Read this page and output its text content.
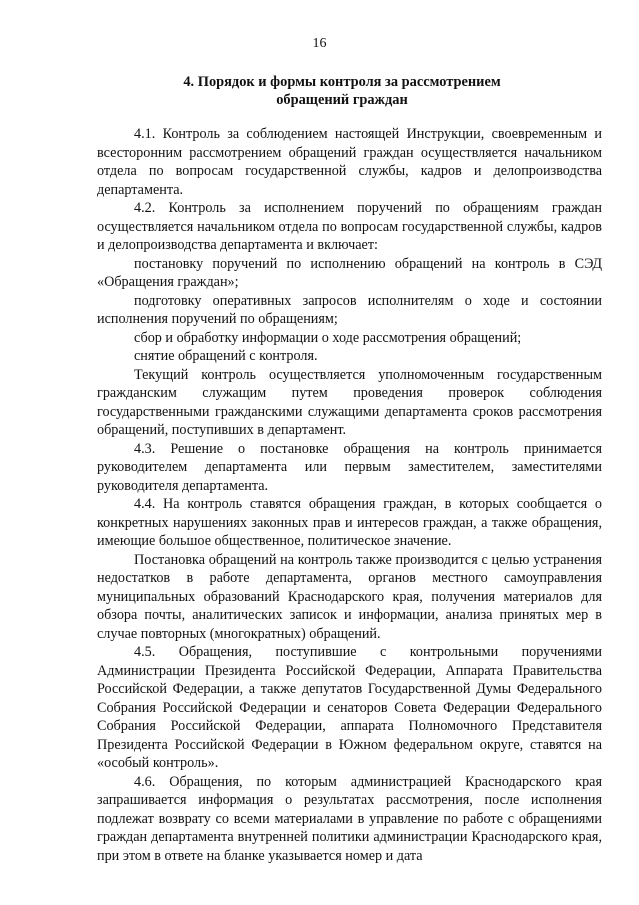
16
4. Порядок и формы контроля за рассмотрением
обращений граждан

4.1. Контроль за соблюдением настоящей Инструкции, своевременным и всесторонним рассмотрением обращений граждан осуществляется начальником отдела по вопросам государственной службы, кадров и делопроизводства департамента.

4.2. Контроль за исполнением поручений по обращениям граждан осуществляется начальником отдела по вопросам государственной службы, кадров и делопроизводства департамента и включает:

постановку поручений по исполнению обращений на контроль в СЭД «Обращения граждан»;

подготовку оперативных запросов исполнителям о ходе и состоянии исполнения поручений по обращениям;

сбор и обработку информации о ходе рассмотрения обращений;

снятие обращений с контроля.

Текущий контроль осуществляется уполномоченным государственным гражданским служащим путем проведения проверок соблюдения государственными гражданскими служащими департамента сроков рассмотрения обращений, поступивших в департамент.

4.3. Решение о постановке обращения на контроль принимается руководителем департамента или первым заместителем, заместителями руководителя департамента.

4.4. На контроль ставятся обращения граждан, в которых сообщается о конкретных нарушениях законных прав и интересов граждан, а также обращения, имеющие большое общественное, политическое значение.

Постановка обращений на контроль также производится с целью устранения недостатков в работе департамента, органов местного самоуправления муниципальных образований Краснодарского края, получения материалов для обзора почты, аналитических записок и информации, анализа принятых мер в случае повторных (многократных) обращений.

4.5. Обращения, поступившие с контрольными поручениями Администрации Президента Российской Федерации, Аппарата Правительства Российской Федерации, а также депутатов Государственной Думы Федерального Собрания Российской Федерации и сенаторов Совета Федерации Федерального Собрания Российской Федерации, аппарата Полномочного Представителя Президента Российской Федерации в Южном федеральном округе, ставятся на «особый контроль».

4.6. Обращения, по которым администрацией Краснодарского края запрашивается информация о результатах рассмотрения, после исполнения подлежат возврату со всеми материалами в управление по работе с обращениями граждан департамента внутренней политики администрации Краснодарского края, при этом в ответе на бланке указывается номер и дата
